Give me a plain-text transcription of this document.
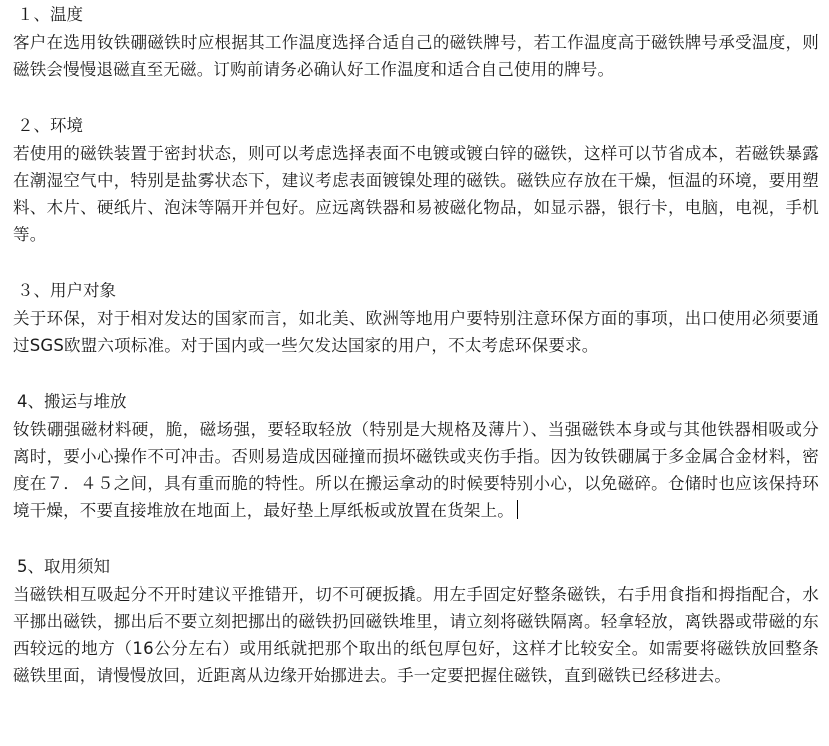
１、温度

客户在选用钕铁硼磁铁时应根据其工作温度选择合适自己的磁铁牌号，若工作温度高于磁铁牌号承受温度，则磁铁会慢慢退磁直至无磁。订购前请务必确认好工作温度和适合自己使用的牌号。

２、环境

若使用的磁铁装置于密封状态，则可以考虑选择表面不电镀或镀白锌的磁铁，这样可以节省成本，若磁铁暴露在潮湿空气中，特别是盐雾状态下，建议考虑表面镀镍处理的磁铁。磁铁应存放在干燥，恒温的环境，要用塑料、木片、硬纸片、泡沫等隔开并包好。应远离铁器和易被磁化物品，如显示器，银行卡，电脑，电视，手机等。

３、用户对象

关于环保，对于相对发达的国家而言，如北美、欧洲等地用户要特别注意环保方面的事项，出口使用必须要通过SGS欧盟六项标准。对于国内或一些欠发达国家的用户，不太考虑环保要求。

4、搬运与堆放

钕铁硼强磁材料硬，脆，磁场强，要轻取轻放（特别是大规格及薄片）、当强磁铁本身或与其他铁器相吸或分离时，要小心操作不可冲击。否则易造成因碰撞而损坏磁铁或夹伤手指。因为钕铁硼属于多金属合金材料，密度在７．４５之间，具有重而脆的特性。所以在搬运拿动的时候要特别小心，以免磁碎。仓储时也应该保持环境干燥，不要直接堆放在地面上，最好垫上厚纸板或放置在货架上。

5、取用须知

当磁铁相互吸起分不开时建议平推错开，切不可硬扳撬。用左手固定好整条磁铁，右手用食指和拇指配合，水平挪出磁铁，挪出后不要立刻把挪出的磁铁扔回磁铁堆里，请立刻将磁铁隔离。轻拿轻放，离铁器或带磁的东西较远的地方（16公分左右）或用纸就把那个取出的纸包厚包好，这样才比较安全。如需要将磁铁放回整条磁铁里面，请慢慢放回，近距离从边缘开始挪进去。手一定要把握住磁铁，直到磁铁已经移进去。
